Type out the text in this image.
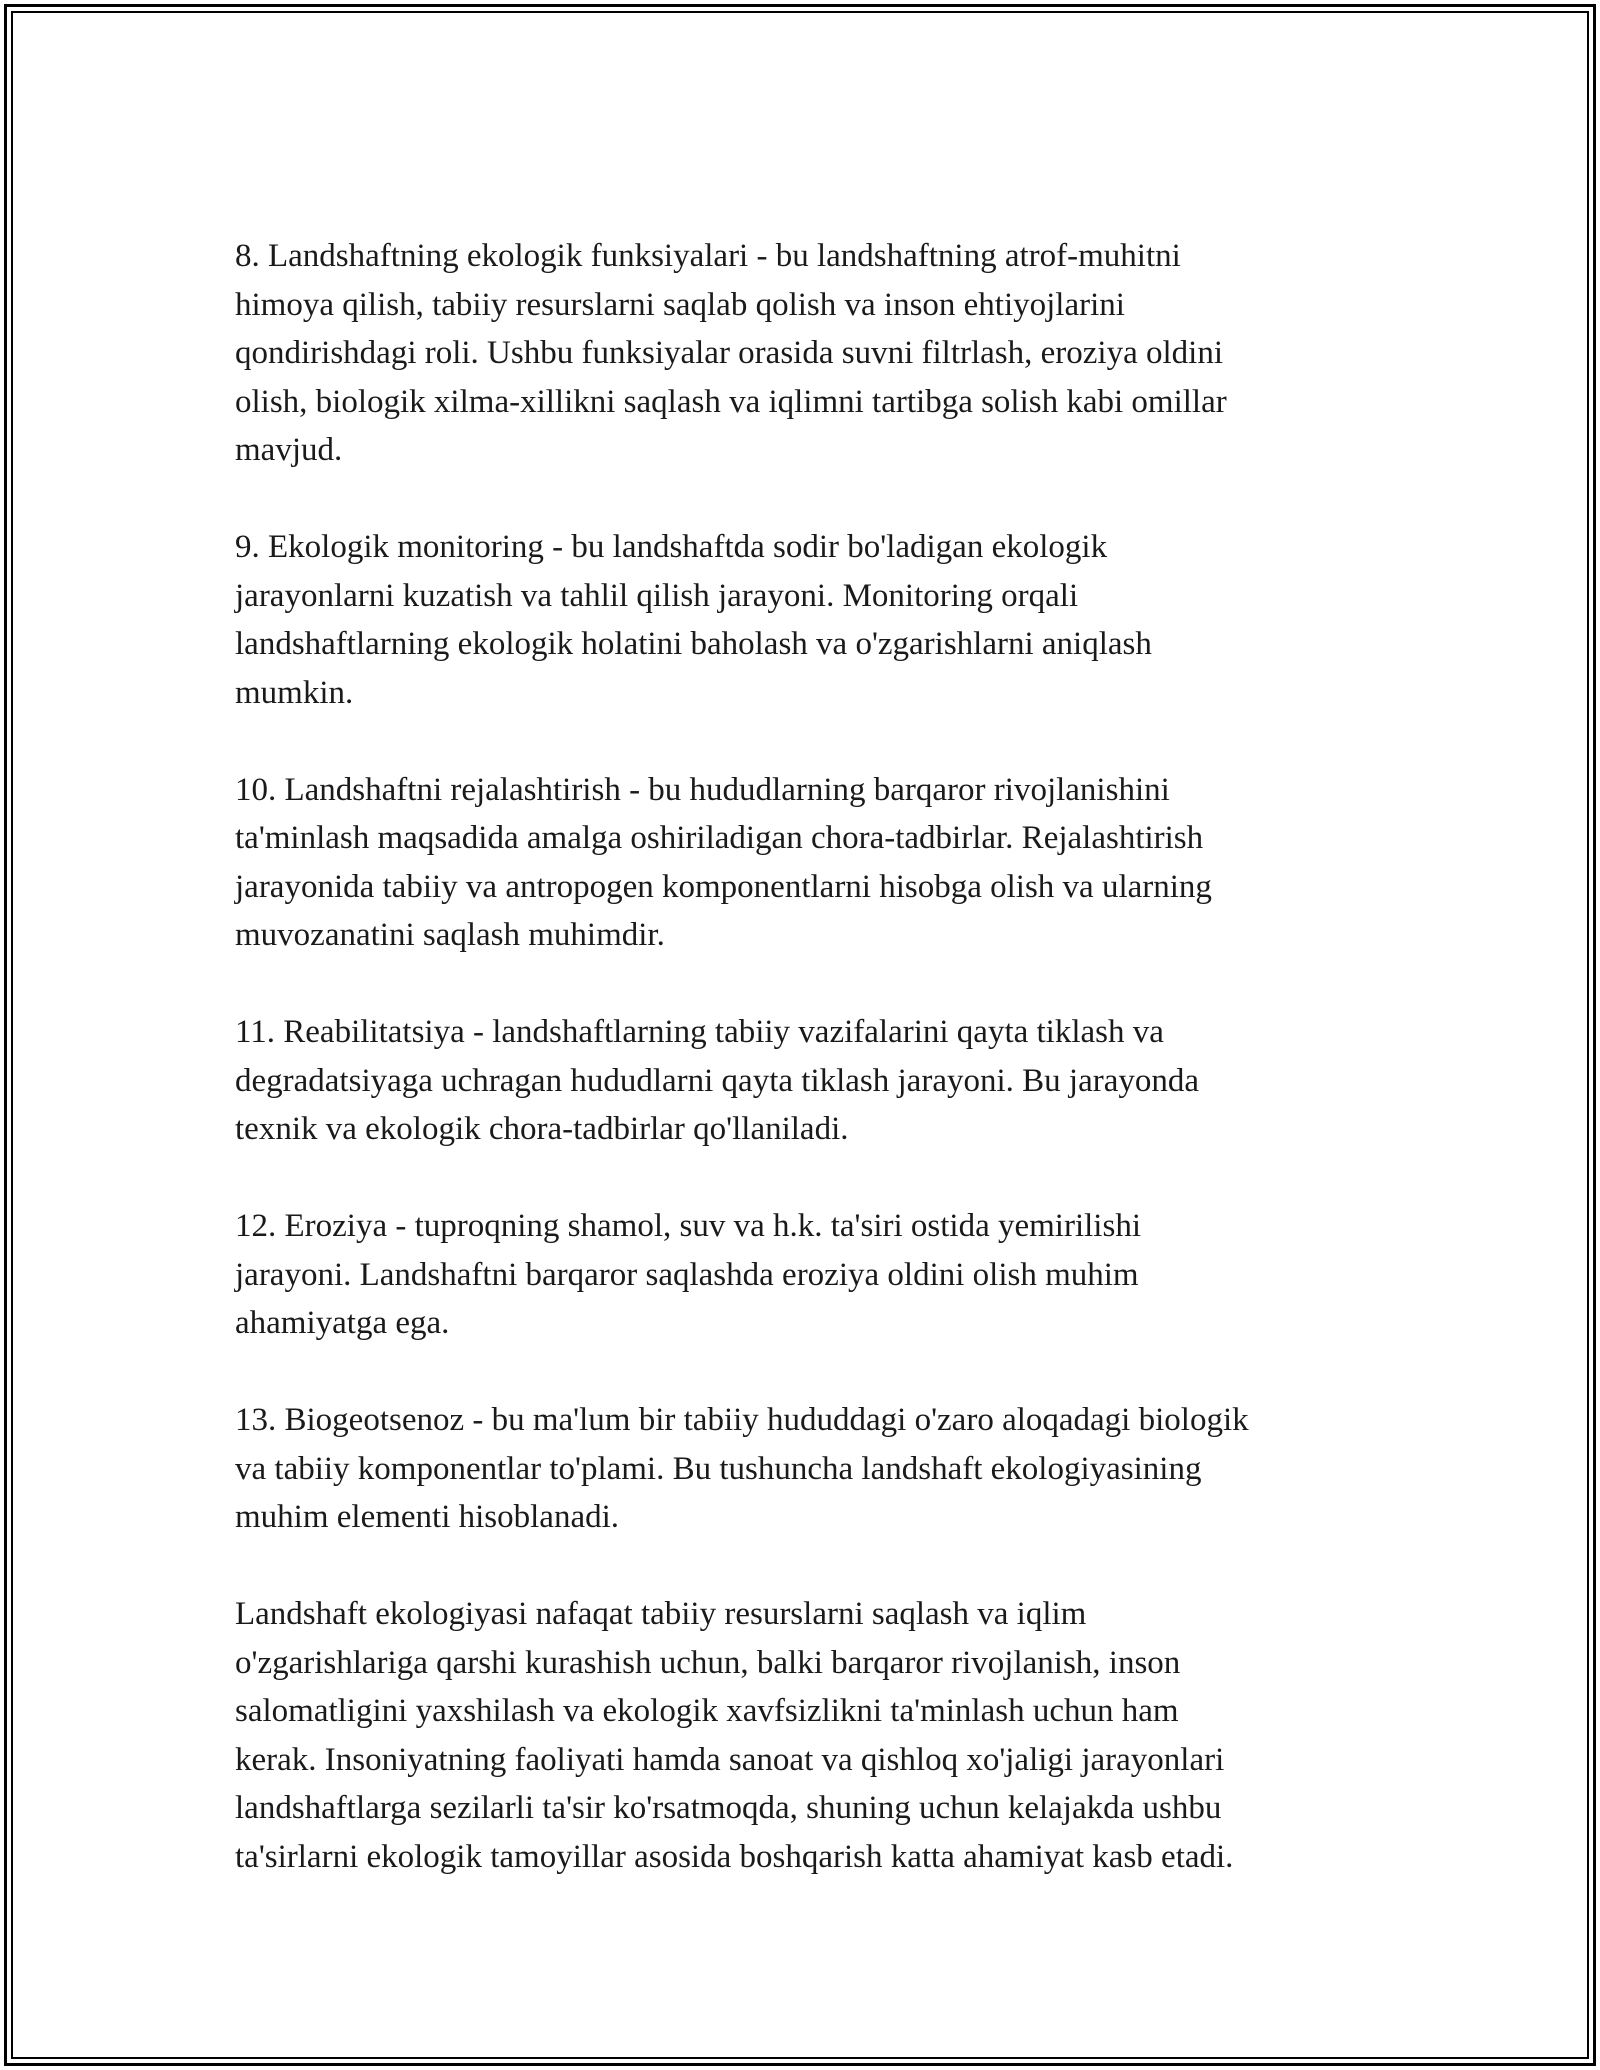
8. Landshaftning ekologik funksiyalari - bu landshaftning atrof-muhitni
himoya qilish, tabiiy resurslarni saqlab qolish va inson ehtiyojlarini
qondirishdagi roli. Ushbu funksiyalar orasida suvni filtrlash, eroziya oldini
olish, biologik xilma-xillikni saqlash va iqlimni tartibga solish kabi omillar
mavjud.

9. Ekologik monitoring - bu landshaftda sodir bo'ladigan ekologik
jarayonlarni kuzatish va tahlil qilish jarayoni. Monitoring orqali
landshaftlarning ekologik holatini baholash va o'zgarishlarni aniqlash
mumkin.

10. Landshaftni rejalashtirish - bu hududlarning barqaror rivojlanishini
ta'minlash maqsadida amalga oshiriladigan chora-tadbirlar. Rejalashtirish
jarayonida tabiiy va antropogen komponentlarni hisobga olish va ularning
muvozanatini saqlash muhimdir.

11. Reabilitatsiya - landshaftlarning tabiiy vazifalarini qayta tiklash va
degradatsiyaga uchragan hududlarni qayta tiklash jarayoni. Bu jarayonda
texnik va ekologik chora-tadbirlar qo'llaniladi.

12. Eroziya - tuproqning shamol, suv va h.k. ta'siri ostida yemirilishi
jarayoni. Landshaftni barqaror saqlashda eroziya oldini olish muhim
ahamiyatga ega.

13. Biogeotsenoz - bu ma'lum bir tabiiy hududdagi o'zaro aloqadagi biologik
va tabiiy komponentlar to'plami. Bu tushuncha landshaft ekologiyasining
muhim elementi hisoblanadi.

Landshaft ekologiyasi nafaqat tabiiy resurslarni saqlash va iqlim
o'zgarishlariga qarshi kurashish uchun, balki barqaror rivojlanish, inson
salomatligini yaxshilash va ekologik xavfsizlikni ta'minlash uchun ham
kerak. Insoniyatning faoliyati hamda sanoat va qishloq xo'jaligi jarayonlari
landshaftlarga sezilarli ta'sir ko'rsatmoqda, shuning uchun kelajakda ushbu
ta'sirlarni ekologik tamoyillar asosida boshqarish katta ahamiyat kasb etadi.
